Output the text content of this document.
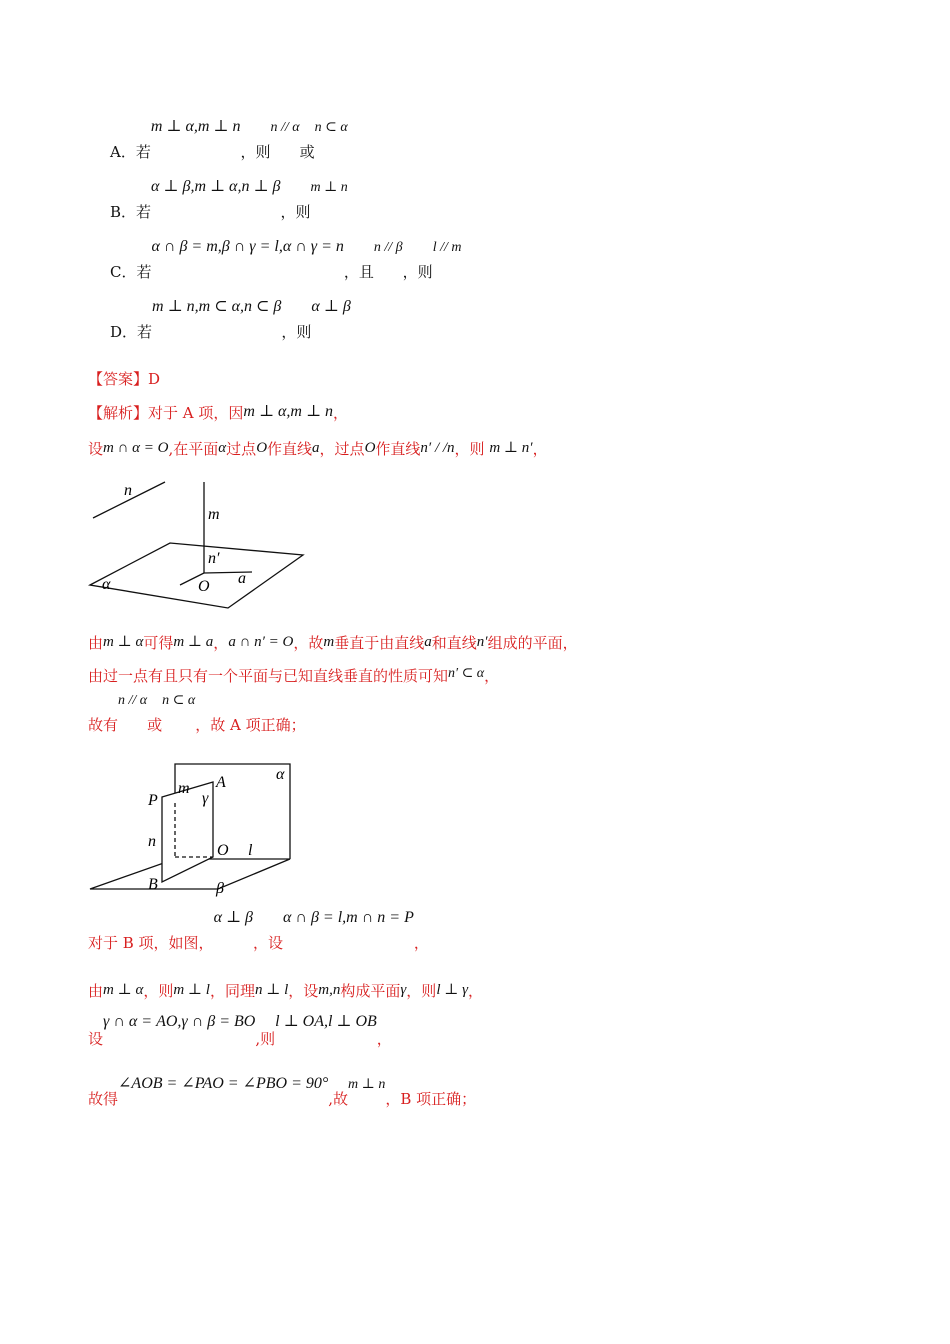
A．若m ⊥ α,m ⊥ n，则n // α或n ⊂ α
B．若α ⊥ β,m ⊥ α,n ⊥ β，则m ⊥ n
C．若α ∩ β = m,β ∩ γ = l,α ∩ γ = n，且n // β，则l // m
D．若m ⊥ n,m ⊂ α,n ⊂ β，则α ⊥ β
【答案】D
【解析】对于 A 项，因m ⊥ α,m ⊥ n，
设m ∩ α = O,在平面α过点O作直线a，过点O作直线n′ / /n，则 m ⊥ n′，
n
m
n′
O a
α
由m ⊥ α可得m ⊥ a，a ∩ n′ = O，故m垂直于由直线a和直线n′组成的平面，
由过一点有且只有一个平面与已知直线垂直的性质可知n′ ⊂ α，
故有n // α或n ⊂ α，故 A 项正确；
α
A
m
γ
P
n
O l
B	β
对于 B 项，如图，α ⊥ β，设α ∩ β = l,m ∩ n = P，
由m ⊥ α，则m ⊥ l，同理n ⊥ l，设m,n构成平面γ，则l ⊥ γ，
设γ ∩ α = AO,γ ∩ β = BO,则l ⊥ OA,l ⊥ OB，
故得∠AOB = ∠PAO = ∠PBO = 90°,故m ⊥ n，B 项正确；
